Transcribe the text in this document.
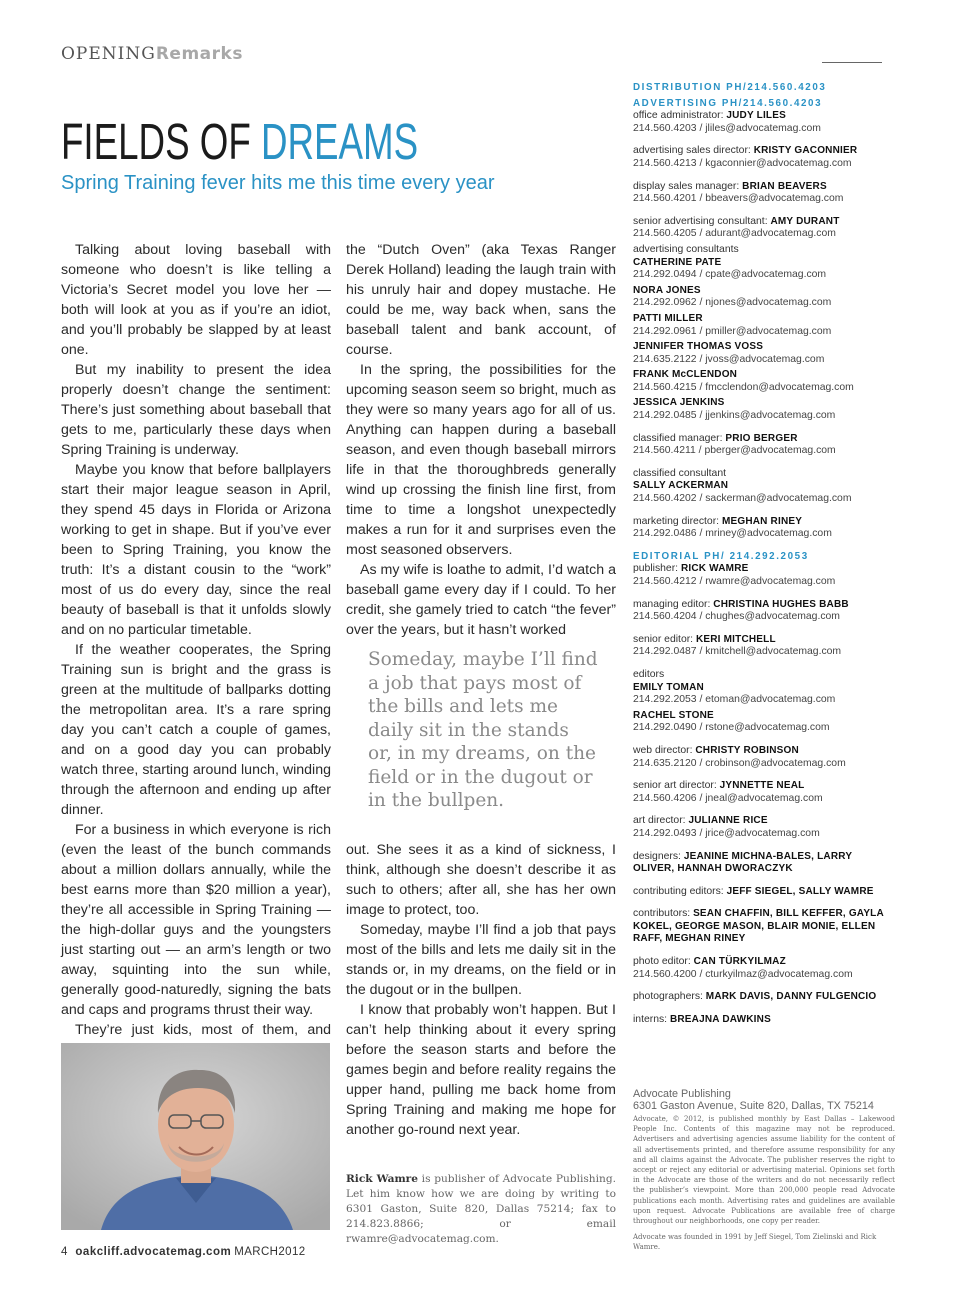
OPENINGRemarks
FIELDS OF DREAMS
Spring Training fever hits me this time every year

Talking about loving baseball with someone who doesn’t is like telling a Victoria’s Secret model you love her — both will look at you as if you’re an idiot, and you’ll probably be slapped by at least one.

But my inability to present the idea properly doesn’t change the sentiment: There’s just something about baseball that gets to me, particularly these days when Spring Training is underway.

Maybe you know that before ballplayers start their major league season in April, they spend 45 days in Florida or Arizona working to get in shape. But if you’ve ever been to Spring Training, you know the truth: It’s a distant cousin to the “work” most of us do every day, since the real beauty of baseball is that it unfolds slowly and on no particular timetable.

If the weather cooperates, the Spring Training sun is bright and the grass is green at the multitude of ballparks dotting the metropolitan area. It’s a rare spring day you can’t catch a couple of games, and on a good day you can probably watch three, starting around lunch, winding through the afternoon and ending up after dinner.

For a business in which everyone is rich (even the least of the bunch commands about a million dollars annually, while the best earns more than $20 million a year), they’re all accessible in Spring Training — the high-dollar guys and the youngsters just starting out — an arm’s length or two away, squinting into the sun while, generally good-naturedly, signing the bats and caps and programs thrust their way.

They’re just kids, most of them, and

the “Dutch Oven” (aka Texas Ranger Derek Holland) leading the laugh train with his unruly hair and dopey mustache. He could be me, way back when, sans the baseball talent and bank account, of course.

In the spring, the possibilities for the upcoming season seem so bright, much as they were so many years ago for all of us. Anything can happen during a baseball season, and even though baseball mirrors life in that the thoroughbreds generally wind up crossing the finish line first, from time to time a longshot unexpectedly makes a run for it and surprises even the most seasoned observers.

As my wife is loathe to admit, I’d watch a baseball game every day if I could. To her credit, she gamely tried to catch “the fever” over the years, but it hasn’t worked

Someday, maybe I’ll find a job that pays most of the bills and lets me daily sit in the stands or, in my dreams, on the field or in the dugout or in the bullpen.

out. She sees it as a kind of sickness, I think, although she doesn’t describe it as such to others; after all, she has her own image to protect, too.

Someday, maybe I’ll find a job that pays most of the bills and lets me daily sit in the stands or, in my dreams, on the field or in the dugout or in the bullpen.

I know that probably won’t happen. But I can’t help thinking about it every spring before the season starts and before the games begin and before reality regains the upper hand, pulling me back home from Spring Training and making me hope for another go-round next year.

Rick Wamre is publisher of Advocate Publishing. Let him know how we are doing by writing to 6301 Gaston, Suite 820, Dallas 75214; fax to 214.823.8866; or email rwamre@advocatemag.com.
4 oakcliff.advocatemag.com MARCH2012
DISTRIBUTION PH/214.560.4203
ADVERTISING PH/214.560.4203
office administrator: JUDY LILES
214.560.4203 / jliles@advocatemag.com
advertising sales director: KRISTY GACONNIER
214.560.4213 / kgaconnier@advocatemag.com
display sales manager: BRIAN BEAVERS
214.560.4201 / bbeavers@advocatemag.com
senior advertising consultant: AMY DURANT
214.560.4205 / adurant@advocatemag.com
advertising consultants
CATHERINE PATE
214.292.0494 / cpate@advocatemag.com
NORA JONES
214.292.0962 / njones@advocatemag.com
PATTI MILLER
214.292.0961 / pmiller@advocatemag.com
JENNIFER THOMAS VOSS
214.635.2122 / jvoss@advocatemag.com
FRANK McCLENDON
214.560.4215 / fmcclendon@advocatemag.com
JESSICA JENKINS
214.292.0485 / jjenkins@advocatemag.com
classified manager: PRIO BERGER
214.560.4211 / pberger@advocatemag.com
classified consultant
SALLY ACKERMAN
214.560.4202 / sackerman@advocatemag.com
marketing director: MEGHAN RINEY
214.292.0486 / mriney@advocatemag.com
EDITORIAL PH/ 214.292.2053
publisher: RICK WAMRE
214.560.4212 / rwamre@advocatemag.com
managing editor: CHRISTINA HUGHES BABB
214.560.4204 / chughes@advocatemag.com
senior editor: KERI MITCHELL
214.292.0487 / kmitchell@advocatemag.com
editors
EMILY TOMAN
214.292.2053 / etoman@advocatemag.com
RACHEL STONE
214.292.0490 / rstone@advocatemag.com
web director: CHRISTY ROBINSON
214.635.2120 / crobinson@advocatemag.com
senior art director: JYNNETTE NEAL
214.560.4206 / jneal@advocatemag.com
art director: JULIANNE RICE
214.292.0493 / jrice@advocatemag.com
designers: JEANINE MICHNA-BALES, LARRY OLIVER, HANNAH DWORACZYK
contributing editors: JEFF SIEGEL, SALLY WAMRE
contributors: SEAN CHAFFIN, BILL KEFFER, GAYLA KOKEL, GEORGE MASON, BLAIR MONIE, ELLEN RAFF, MEGHAN RINEY
photo editor: CAN TÜRKYILMAZ
214.560.4200 / cturkyilmaz@advocatemag.com
photographers: MARK DAVIS, DANNY FULGENCIO
interns: BREAJNA DAWKINS
Advocate Publishing
6301 Gaston Avenue, Suite 820, Dallas, TX 75214
Advocate, © 2012, is published monthly by East Dallas – Lakewood People Inc. Contents of this magazine may not be reproduced. Advertisers and advertising agencies assume liability for the content of all advertisements printed, and therefore assume responsibility for any and all claims against the Advocate. The publisher reserves the right to accept or reject any editorial or advertising material. Opinions set forth in the Advocate are those of the writers and do not necessarily reflect the publisher’s viewpoint. More than 200,000 people read Advocate publications each month. Advertising rates and guidelines are available upon request. Advocate Publications are available free of charge throughout our neighborhoods, one copy per reader.
Advocate was founded in 1991 by Jeff Siegel, Tom Zielinski and Rick Wamre.
